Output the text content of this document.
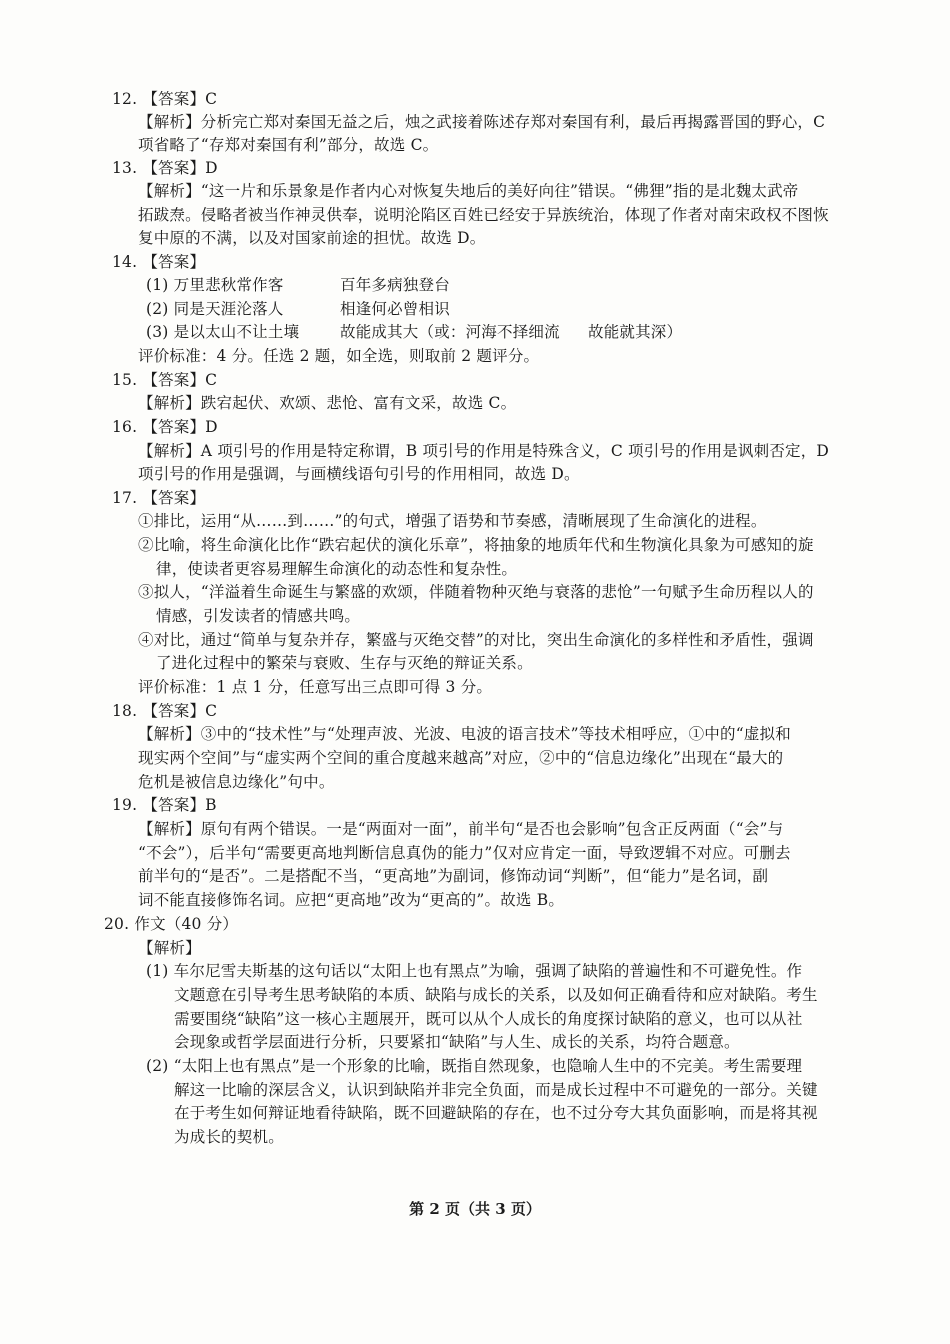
12. 【答案】C
【解析】分析完亡郑对秦国无益之后，烛之武接着陈述存郑对秦国有利，最后再揭露晋国的野心，C
项省略了“存郑对秦国有利”部分，故选 C。
13. 【答案】D
【解析】“这一片和乐景象是作者内心对恢复失地后的美好向往”错误。“佛狸”指的是北魏太武帝
拓跋焘。侵略者被当作神灵供奉，说明沦陷区百姓已经安于异族统治，体现了作者对南宋政权不图恢
复中原的不满，以及对国家前途的担忧。故选 D。
14. 【答案】
(1) 万里悲秋常作客	百年多病独登台
(2) 同是天涯沦落人	相逢何必曾相识
(3) 是以太山不让土壤	故能成其大（或：河海不择细流 故能就其深）
评价标准：4 分。任选 2 题，如全选，则取前 2 题评分。
15. 【答案】C
【解析】跌宕起伏、欢颂、悲怆、富有文采，故选 C。
16. 【答案】D
【解析】A 项引号的作用是特定称谓，B 项引号的作用是特殊含义，C 项引号的作用是讽刺否定，D
项引号的作用是强调，与画横线语句引号的作用相同，故选 D。
17. 【答案】
①排比，运用“从……到……”的句式，增强了语势和节奏感，清晰展现了生命演化的进程。
②比喻，将生命演化比作“跌宕起伏的演化乐章”，将抽象的地质年代和生物演化具象为可感知的旋
律，使读者更容易理解生命演化的动态性和复杂性。
③拟人，“洋溢着生命诞生与繁盛的欢颂，伴随着物种灭绝与衰落的悲怆”一句赋予生命历程以人的
情感，引发读者的情感共鸣。
④对比，通过“简单与复杂并存，繁盛与灭绝交替”的对比，突出生命演化的多样性和矛盾性，强调
了进化过程中的繁荣与衰败、生存与灭绝的辩证关系。
评价标准：1 点 1 分，任意写出三点即可得 3 分。
18. 【答案】C
【解析】③中的“技术性”与“处理声波、光波、电波的语言技术”等技术相呼应，①中的“虚拟和
现实两个空间”与“虚实两个空间的重合度越来越高”对应，②中的“信息边缘化”出现在“最大的
危机是被信息边缘化”句中。
19. 【答案】B
【解析】原句有两个错误。一是“两面对一面”，前半句“是否也会影响”包含正反两面（“会”与
“不会”），后半句“需要更高地判断信息真伪的能力”仅对应肯定一面，导致逻辑不对应。可删去
前半句的“是否”。二是搭配不当，“更高地”为副词，修饰动词“判断”，但“能力”是名词，副
词不能直接修饰名词。应把“更高地”改为“更高的”。故选 B。
20. 作文（40 分）
【解析】
(1) 车尔尼雪夫斯基的这句话以“太阳上也有黑点”为喻，强调了缺陷的普遍性和不可避免性。作
文题意在引导考生思考缺陷的本质、缺陷与成长的关系，以及如何正确看待和应对缺陷。考生
需要围绕“缺陷”这一核心主题展开，既可以从个人成长的角度探讨缺陷的意义，也可以从社
会现象或哲学层面进行分析，只要紧扣“缺陷”与人生、成长的关系，均符合题意。
(2) “太阳上也有黑点”是一个形象的比喻，既指自然现象，也隐喻人生中的不完美。考生需要理
解这一比喻的深层含义，认识到缺陷并非完全负面，而是成长过程中不可避免的一部分。关键
在于考生如何辩证地看待缺陷，既不回避缺陷的存在，也不过分夸大其负面影响，而是将其视
为成长的契机。
第 2 页（共 3 页）
